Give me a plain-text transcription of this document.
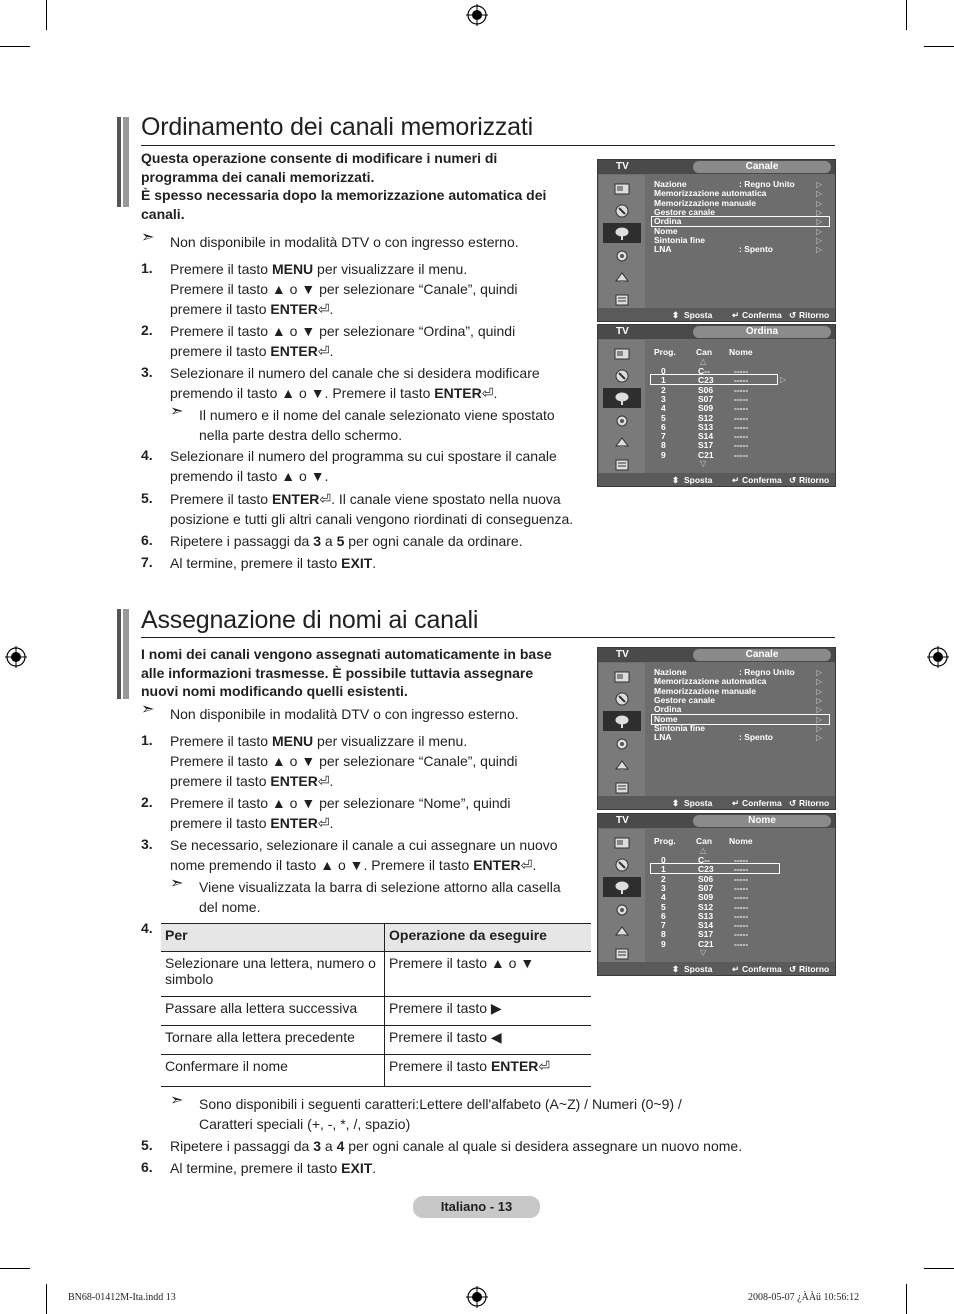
Ordinamento dei canali memorizzati
Questa operazione consente di modificare i numeri di
programma dei canali memorizzati.
È spesso necessaria dopo la memorizzazione automatica dei
canali.
➣ Non disponibile in modalità DTV o con ingresso esterno.
1. Premere il tasto MENU per visualizzare il menu.
Premere il tasto ▲ o ▼ per selezionare “Canale”, quindi
premere il tasto ENTER⏎.
2. Premere il tasto ▲ o ▼ per selezionare “Ordina”, quindi
premere il tasto ENTER⏎.
3. Selezionare il numero del canale che si desidera modificare
premendo il tasto ▲ o ▼. Premere il tasto ENTER⏎.
➣ Il numero e il nome del canale selezionato viene spostato
nella parte destra dello schermo.
4. Selezionare il numero del programma su cui spostare il canale
premendo il tasto ▲ o ▼.
5. Premere il tasto ENTER⏎. Il canale viene spostato nella nuova
posizione e tutti gli altri canali vengono riordinati di conseguenza.
6. Ripetere i passaggi da 3 a 5 per ogni canale da ordinare.
7. Al termine, premere il tasto EXIT.
Assegnazione di nomi ai canali
I nomi dei canali vengono assegnati automaticamente in base
alle informazioni trasmesse. È possibile tuttavia assegnare
nuovi nomi modificando quelli esistenti.
➣ Non disponibile in modalità DTV o con ingresso esterno.
1. Premere il tasto MENU per visualizzare il menu.
Premere il tasto ▲ o ▼ per selezionare “Canale”, quindi
premere il tasto ENTER⏎.
2. Premere il tasto ▲ o ▼ per selezionare “Nome”, quindi
premere il tasto ENTER⏎.
3. Se necessario, selezionare il canale a cui assegnare un nuovo
nome premendo il tasto ▲ o ▼. Premere il tasto ENTER⏎.
➣ Viene visualizzata la barra di selezione attorno alla casella
del nome.
4. Per	Operazione da eseguire
Selezionare una lettera, numero o simbolo	Premere il tasto ▲ o ▼
Passare alla lettera successiva	Premere il tasto ▶
Tornare alla lettera precedente	Premere il tasto ◀
Confermare il nome	Premere il tasto ENTER⏎
➣ Sono disponibili i seguenti caratteri:Lettere dell'alfabeto (A~Z) / Numeri (0~9) /
Caratteri speciali (+, -, *, /, spazio)
5. Ripetere i passaggi da 3 a 4 per ogni canale al quale si desidera assegnare un nuovo nome.
6. Al termine, premere il tasto EXIT.
TV	Canale
Nazione	: Regno Unito	▷
Memorizzazione automatica	▷
Memorizzazione manuale	▷
Gestore canale	▷
Ordina	▷
Nome	▷
Sintonia fine	▷
LNA	: Spento	▷
⬍ Sposta ↵ Conferma ↺ Ritorno
TV	Ordina
Prog. Can Nome
△
0	C--	-----
1	C23 -----
2	S06 -----
3	S07 -----
4	S09 -----
5	S12 -----
6	S13 -----
7	S14 -----
8	S17 -----
9	C21 -----
▽
▷
⬍ Sposta ↵ Conferma ↺ Ritorno
TV	Canale
Nazione	: Regno Unito	▷
Memorizzazione automatica	▷
Memorizzazione manuale	▷
Gestore canale	▷
Ordina	▷
Nome	▷
Sintonia fine	▷
LNA	: Spento	▷
⬍ Sposta ↵ Conferma ↺ Ritorno
TV	Nome
Prog. Can Nome
△
0	C--	-----
1	C23 -----
2	S06 -----
3	S07 -----
4	S09 -----
5	S12 -----
6	S13 -----
7	S14 -----
8	S17 -----
9	C21 -----
▽
⬍ Sposta ↵ Conferma ↺ Ritorno
Italiano - 13
BN68-01412M-Ita.indd 13	2008-05-07 ¿ÀÀü 10:56:12
